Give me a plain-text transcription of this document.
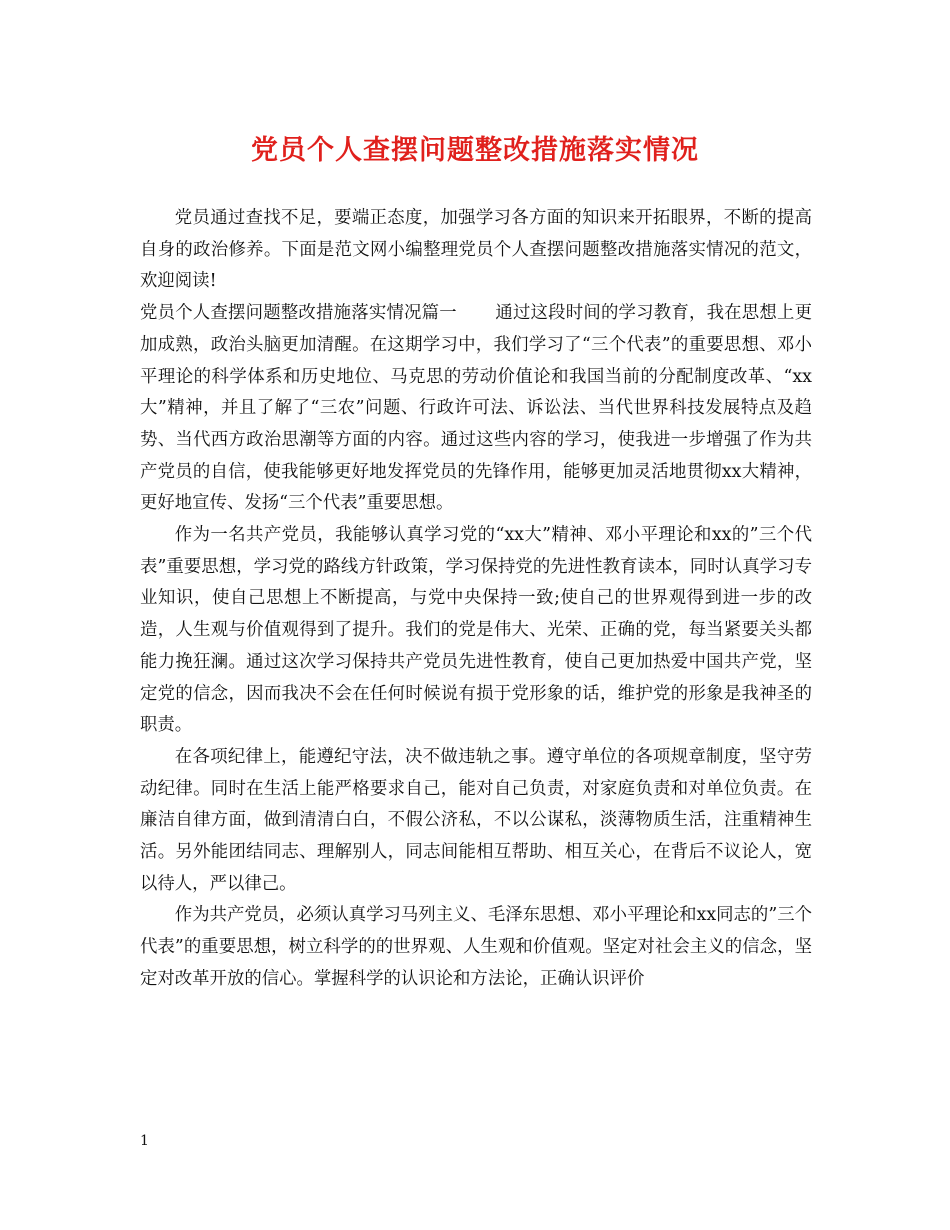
党员个人查摆问题整改措施落实情况

党员通过查找不足，要端正态度，加强学习各方面的知识来开拓眼界，不断的提高自身的政治修养。下面是范文网小编整理党员个人查摆问题整改措施落实情况的范文，欢迎阅读!

党员个人查摆问题整改措施落实情况篇一 通过这段时间的学习教育，我在思想上更加成熟，政治头脑更加清醒。在这期学习中，我们学习了“三个代表”的重要思想、邓小平理论的科学体系和历史地位、马克思的劳动价值论和我国当前的分配制度改革、“xx大”精神，并且了解了“三农”问题、行政许可法、诉讼法、当代世界科技发展特点及趋势、当代西方政治思潮等方面的内容。通过这些内容的学习，使我进一步增强了作为共产党员的自信，使我能够更好地发挥党员的先锋作用，能够更加灵活地贯彻xx大精神，更好地宣传、发扬“三个代表”重要思想。

作为一名共产党员，我能够认真学习党的“xx大”精神、邓小平理论和xx的”三个代表”重要思想，学习党的路线方针政策，学习保持党的先进性教育读本，同时认真学习专业知识，使自己思想上不断提高，与党中央保持一致;使自己的世界观得到进一步的改造，人生观与价值观得到了提升。我们的党是伟大、光荣、正确的党，每当紧要关头都能力挽狂澜。通过这次学习保持共产党员先进性教育，使自己更加热爱中国共产党，坚定党的信念，因而我决不会在任何时候说有损于党形象的话，维护党的形象是我神圣的职责。

在各项纪律上，能遵纪守法，决不做违轨之事。遵守单位的各项规章制度，坚守劳动纪律。同时在生活上能严格要求自己，能对自己负责，对家庭负责和对单位负责。在廉洁自律方面，做到清清白白，不假公济私，不以公谋私，淡薄物质生活，注重精神生活。另外能团结同志、理解别人，同志间能相互帮助、相互关心，在背后不议论人，宽以待人，严以律己。

作为共产党员，必须认真学习马列主义、毛泽东思想、邓小平理论和xx同志的”三个代表”的重要思想，树立科学的的世界观、人生观和价值观。坚定对社会主义的信念，坚定对改革开放的信心。掌握科学的认识论和方法论，正确认识评价

1
